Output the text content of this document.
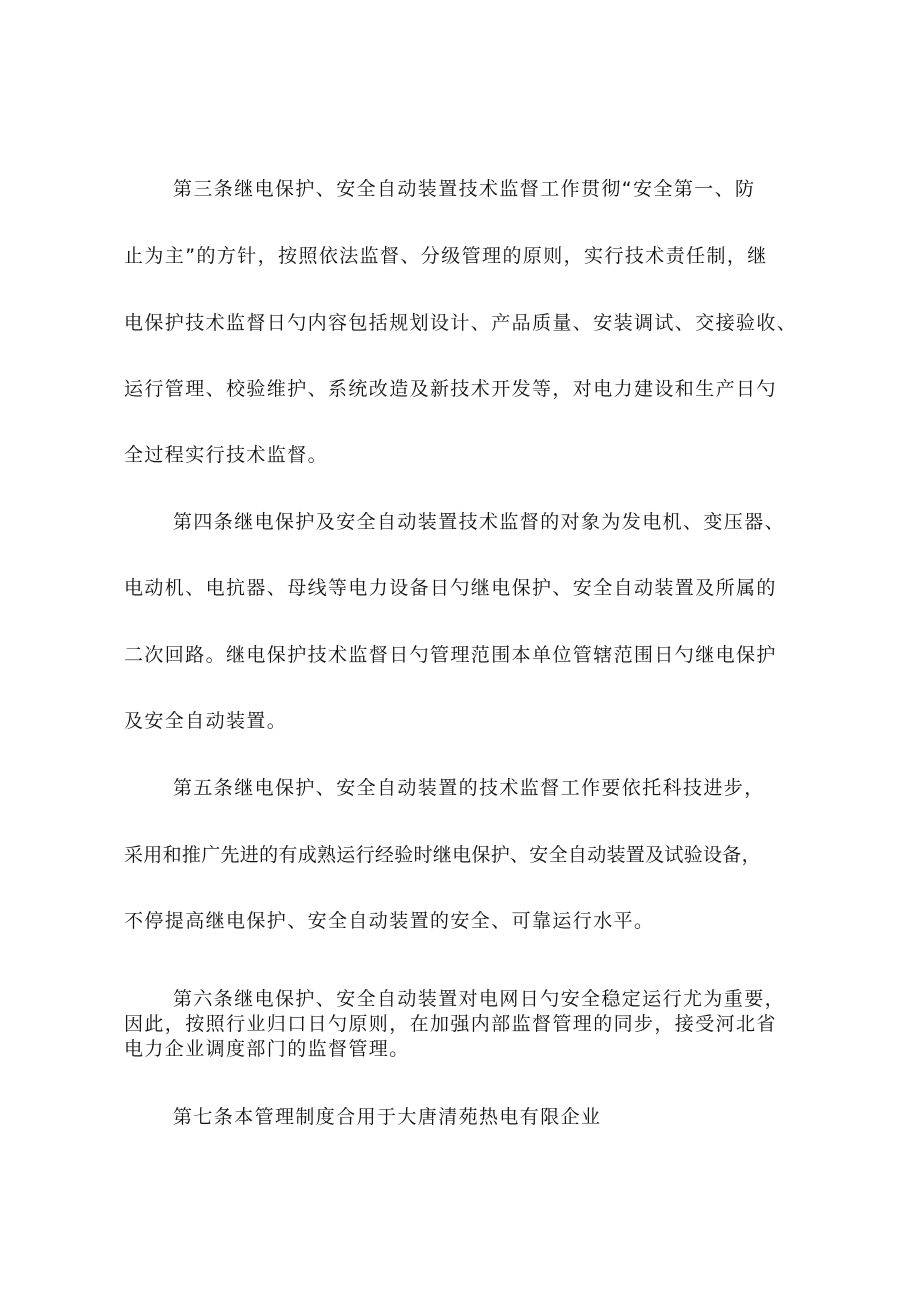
第三条继电保护、安全自动装置技术监督工作贯彻“安全第一、防
止为主”的方针，按照依法监督、分级管理的原则，实行技术责任制，继
电保护技术监督日勺内容包括规划设计、产品质量、安装调试、交接验收、
运行管理、校验维护、系统改造及新技术开发等，对电力建设和生产日勺
全过程实行技术监督。
第四条继电保护及安全自动装置技术监督的对象为发电机、变压器、
电动机、电抗器、母线等电力设备日勺继电保护、安全自动装置及所属的
二次回路。继电保护技术监督日勺管理范围本单位管辖范围日勺继电保护
及安全自动装置。
第五条继电保护、安全自动装置的技术监督工作要依托科技进步，
采用和推广先进的有成熟运行经验时继电保护、安全自动装置及试验设备，
不停提高继电保护、安全自动装置的安全、可靠运行水平。
第六条继电保护、安全自动装置对电网日勺安全稳定运行尤为重要，
因此，按照行业归口日勺原则，在加强内部监督管理的同步，接受河北省
电力企业调度部门的监督管理。
第七条本管理制度合用于大唐清苑热电有限企业
